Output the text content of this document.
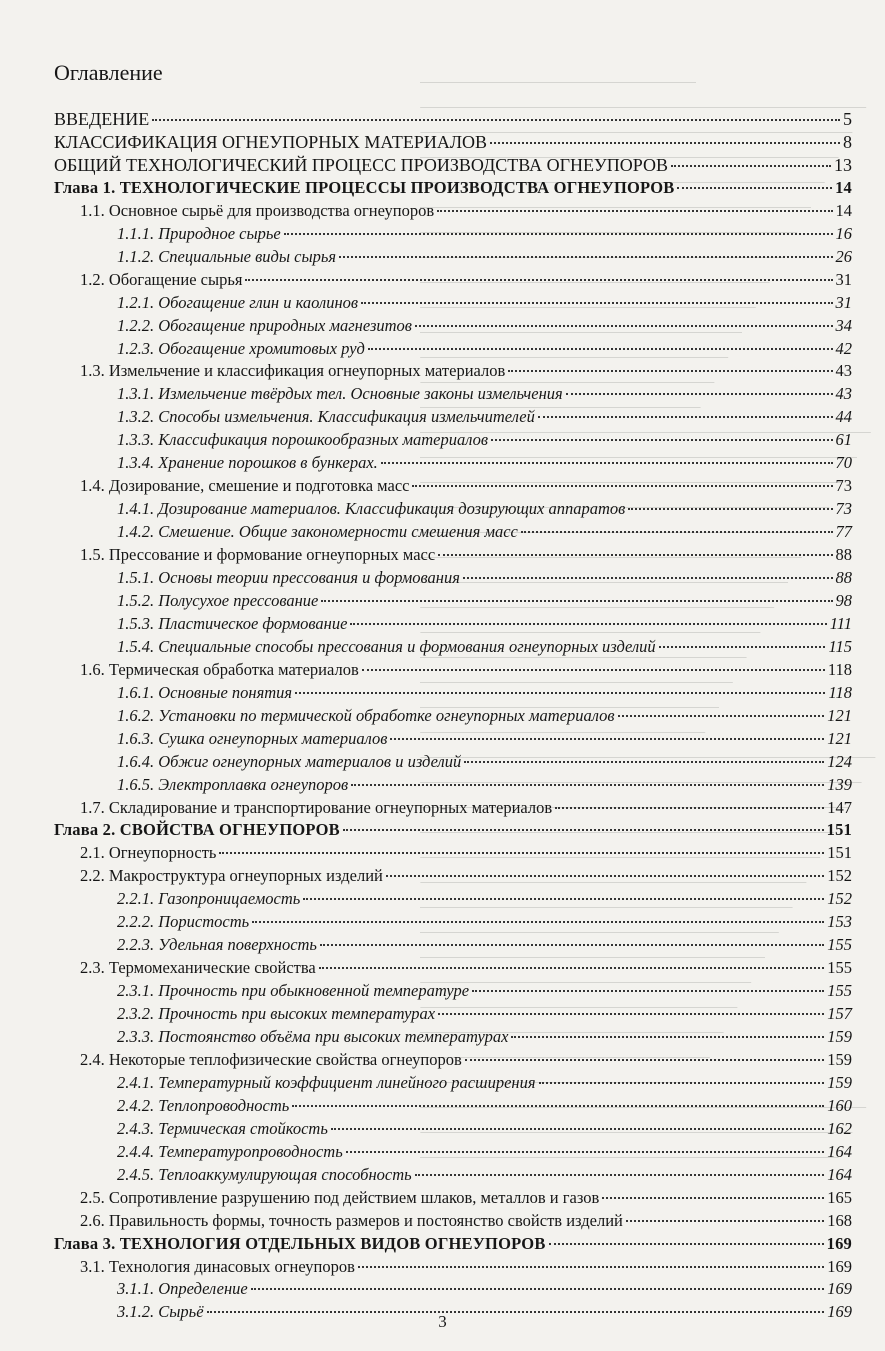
Оглавление
ВВЕДЕНИЕ	5
КЛАССИФИКАЦИЯ ОГНЕУПОРНЫХ МАТЕРИАЛОВ	8
ОБЩИЙ ТЕХНОЛОГИЧЕСКИЙ ПРОЦЕСС ПРОИЗВОДСТВА ОГНЕУПОРОВ	13
Глава 1. ТЕХНОЛОГИЧЕСКИЕ ПРОЦЕССЫ ПРОИЗВОДСТВА ОГНЕУПОРОВ	14
1.1. Основное сырьё для производства огнеупоров	14
1.1.1. Природное сырье	16
1.1.2. Специальные виды сырья	26
1.2. Обогащение сырья	31
1.2.1. Обогащение глин и каолинов	31
1.2.2. Обогащение природных магнезитов	34
1.2.3. Обогащение хромитовых руд	42
1.3. Измельчение и классификация огнеупорных материалов	43
1.3.1. Измельчение твёрдых тел. Основные законы измельчения	43
1.3.2. Способы измельчения. Классификация измельчителей	44
1.3.3. Классификация порошкообразных материалов	61
1.3.4. Хранение порошков в бункерах.	70
1.4. Дозирование, смешение и подготовка масс	73
1.4.1. Дозирование материалов. Классификация дозирующих аппаратов	73
1.4.2. Смешение. Общие закономерности смешения масс	77
1.5. Прессование и формование огнеупорных масс	88
1.5.1. Основы теории прессования и формования	88
1.5.2. Полусухое прессование	98
1.5.3. Пластическое формование	111
1.5.4. Специальные способы прессования и формования огнеупорных изделий	115
1.6. Термическая обработка материалов	118
1.6.1. Основные понятия	118
1.6.2. Установки по термической обработке огнеупорных материалов	121
1.6.3. Сушка огнеупорных материалов	121
1.6.4. Обжиг огнеупорных материалов и изделий	124
1.6.5. Электроплавка огнеупоров	139
1.7. Складирование и транспортирование огнеупорных материалов	147
Глава 2. СВОЙСТВА ОГНЕУПОРОВ	151
2.1. Огнеупорность	151
2.2. Макроструктура огнеупорных изделий	152
2.2.1. Газопроницаемость	152
2.2.2. Пористость	153
2.2.3. Удельная поверхность	155
2.3. Термомеханические свойства	155
2.3.1. Прочность при обыкновенной температуре	155
2.3.2. Прочность при высоких температурах	157
2.3.3. Постоянство объёма при высоких температурах	159
2.4. Некоторые теплофизические свойства огнеупоров	159
2.4.1. Температурный коэффициент линейного расширения	159
2.4.2. Теплопроводность	160
2.4.3. Термическая стойкость	162
2.4.4. Температуропроводность	164
2.4.5. Теплоаккумулирующая способность	164
2.5. Сопротивление разрушению под действием шлаков, металлов и газов	165
2.6. Правильность формы, точность размеров и постоянство свойств изделий	168
Глава 3. ТЕХНОЛОГИЯ ОТДЕЛЬНЫХ ВИДОВ ОГНЕУПОРОВ	169
3.1. Технология динасовых огнеупоров	169
3.1.1. Определение	169
3.1.2. Сырьё	169
3
